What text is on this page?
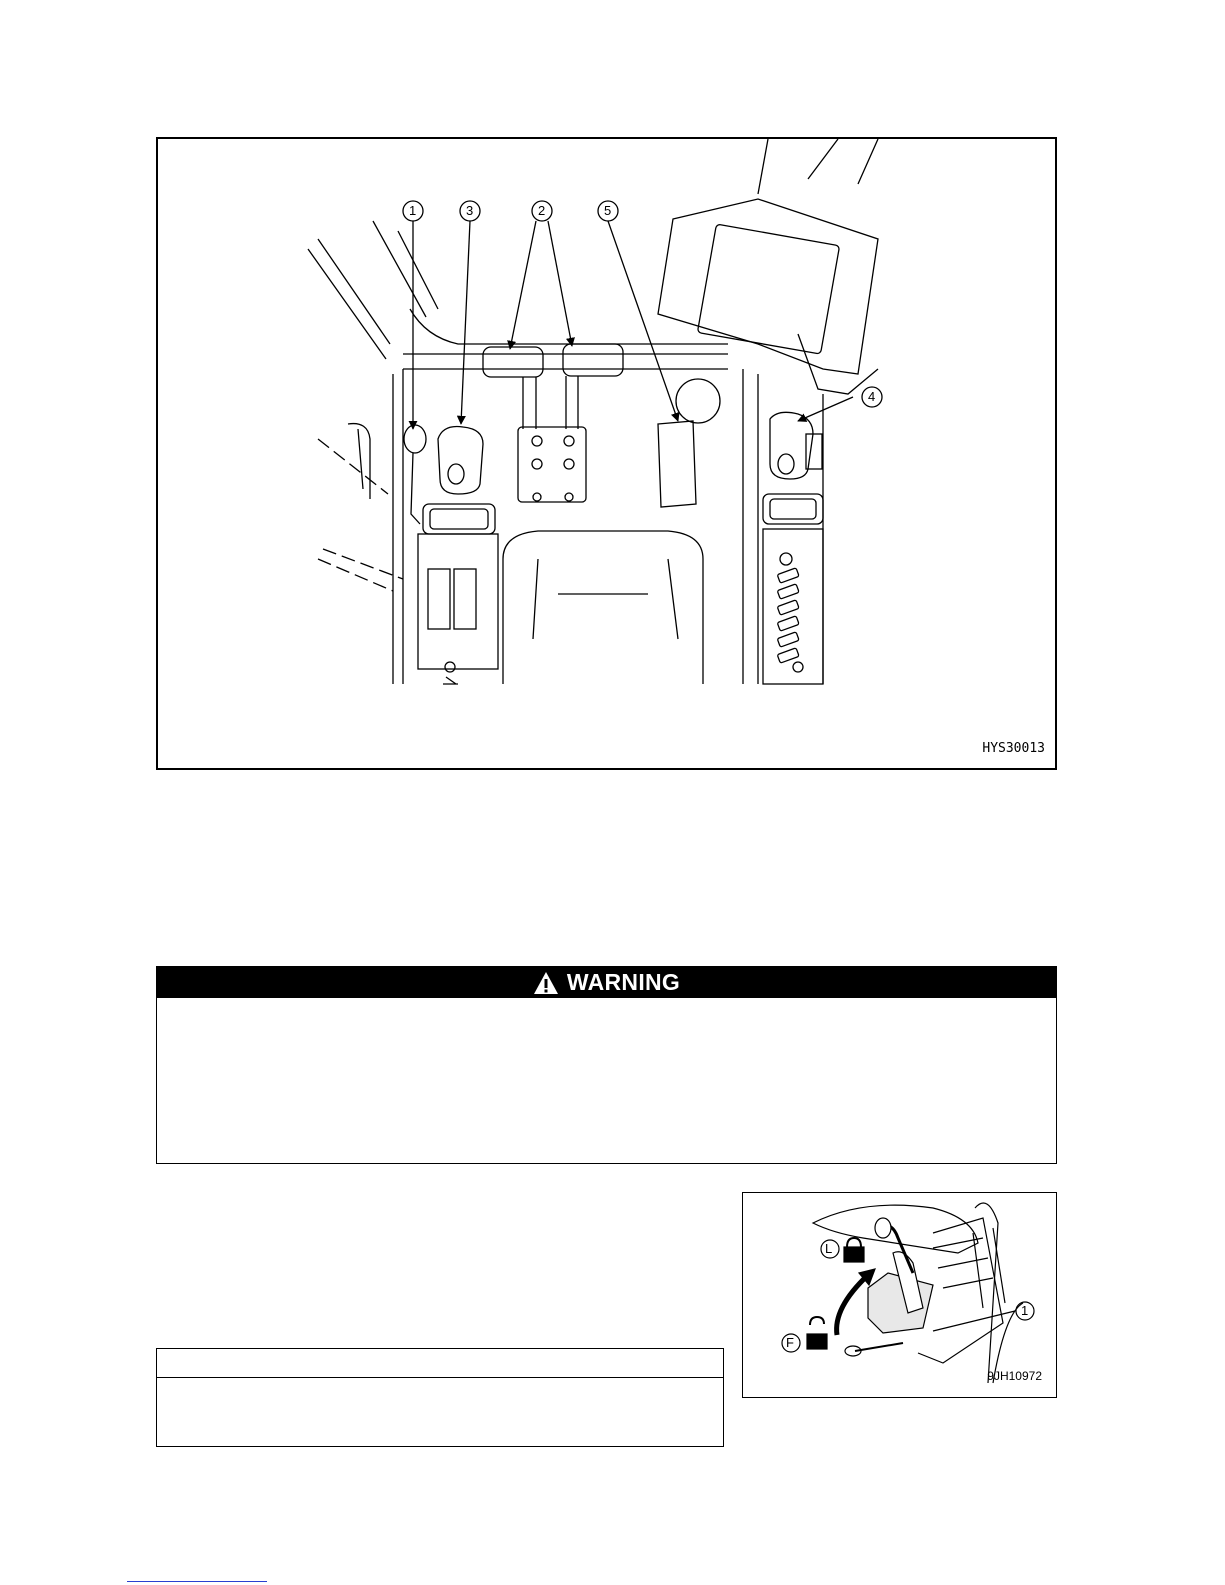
1	3	2	5
4
HYS30013
WARNING
L
F
1
9JH10972
